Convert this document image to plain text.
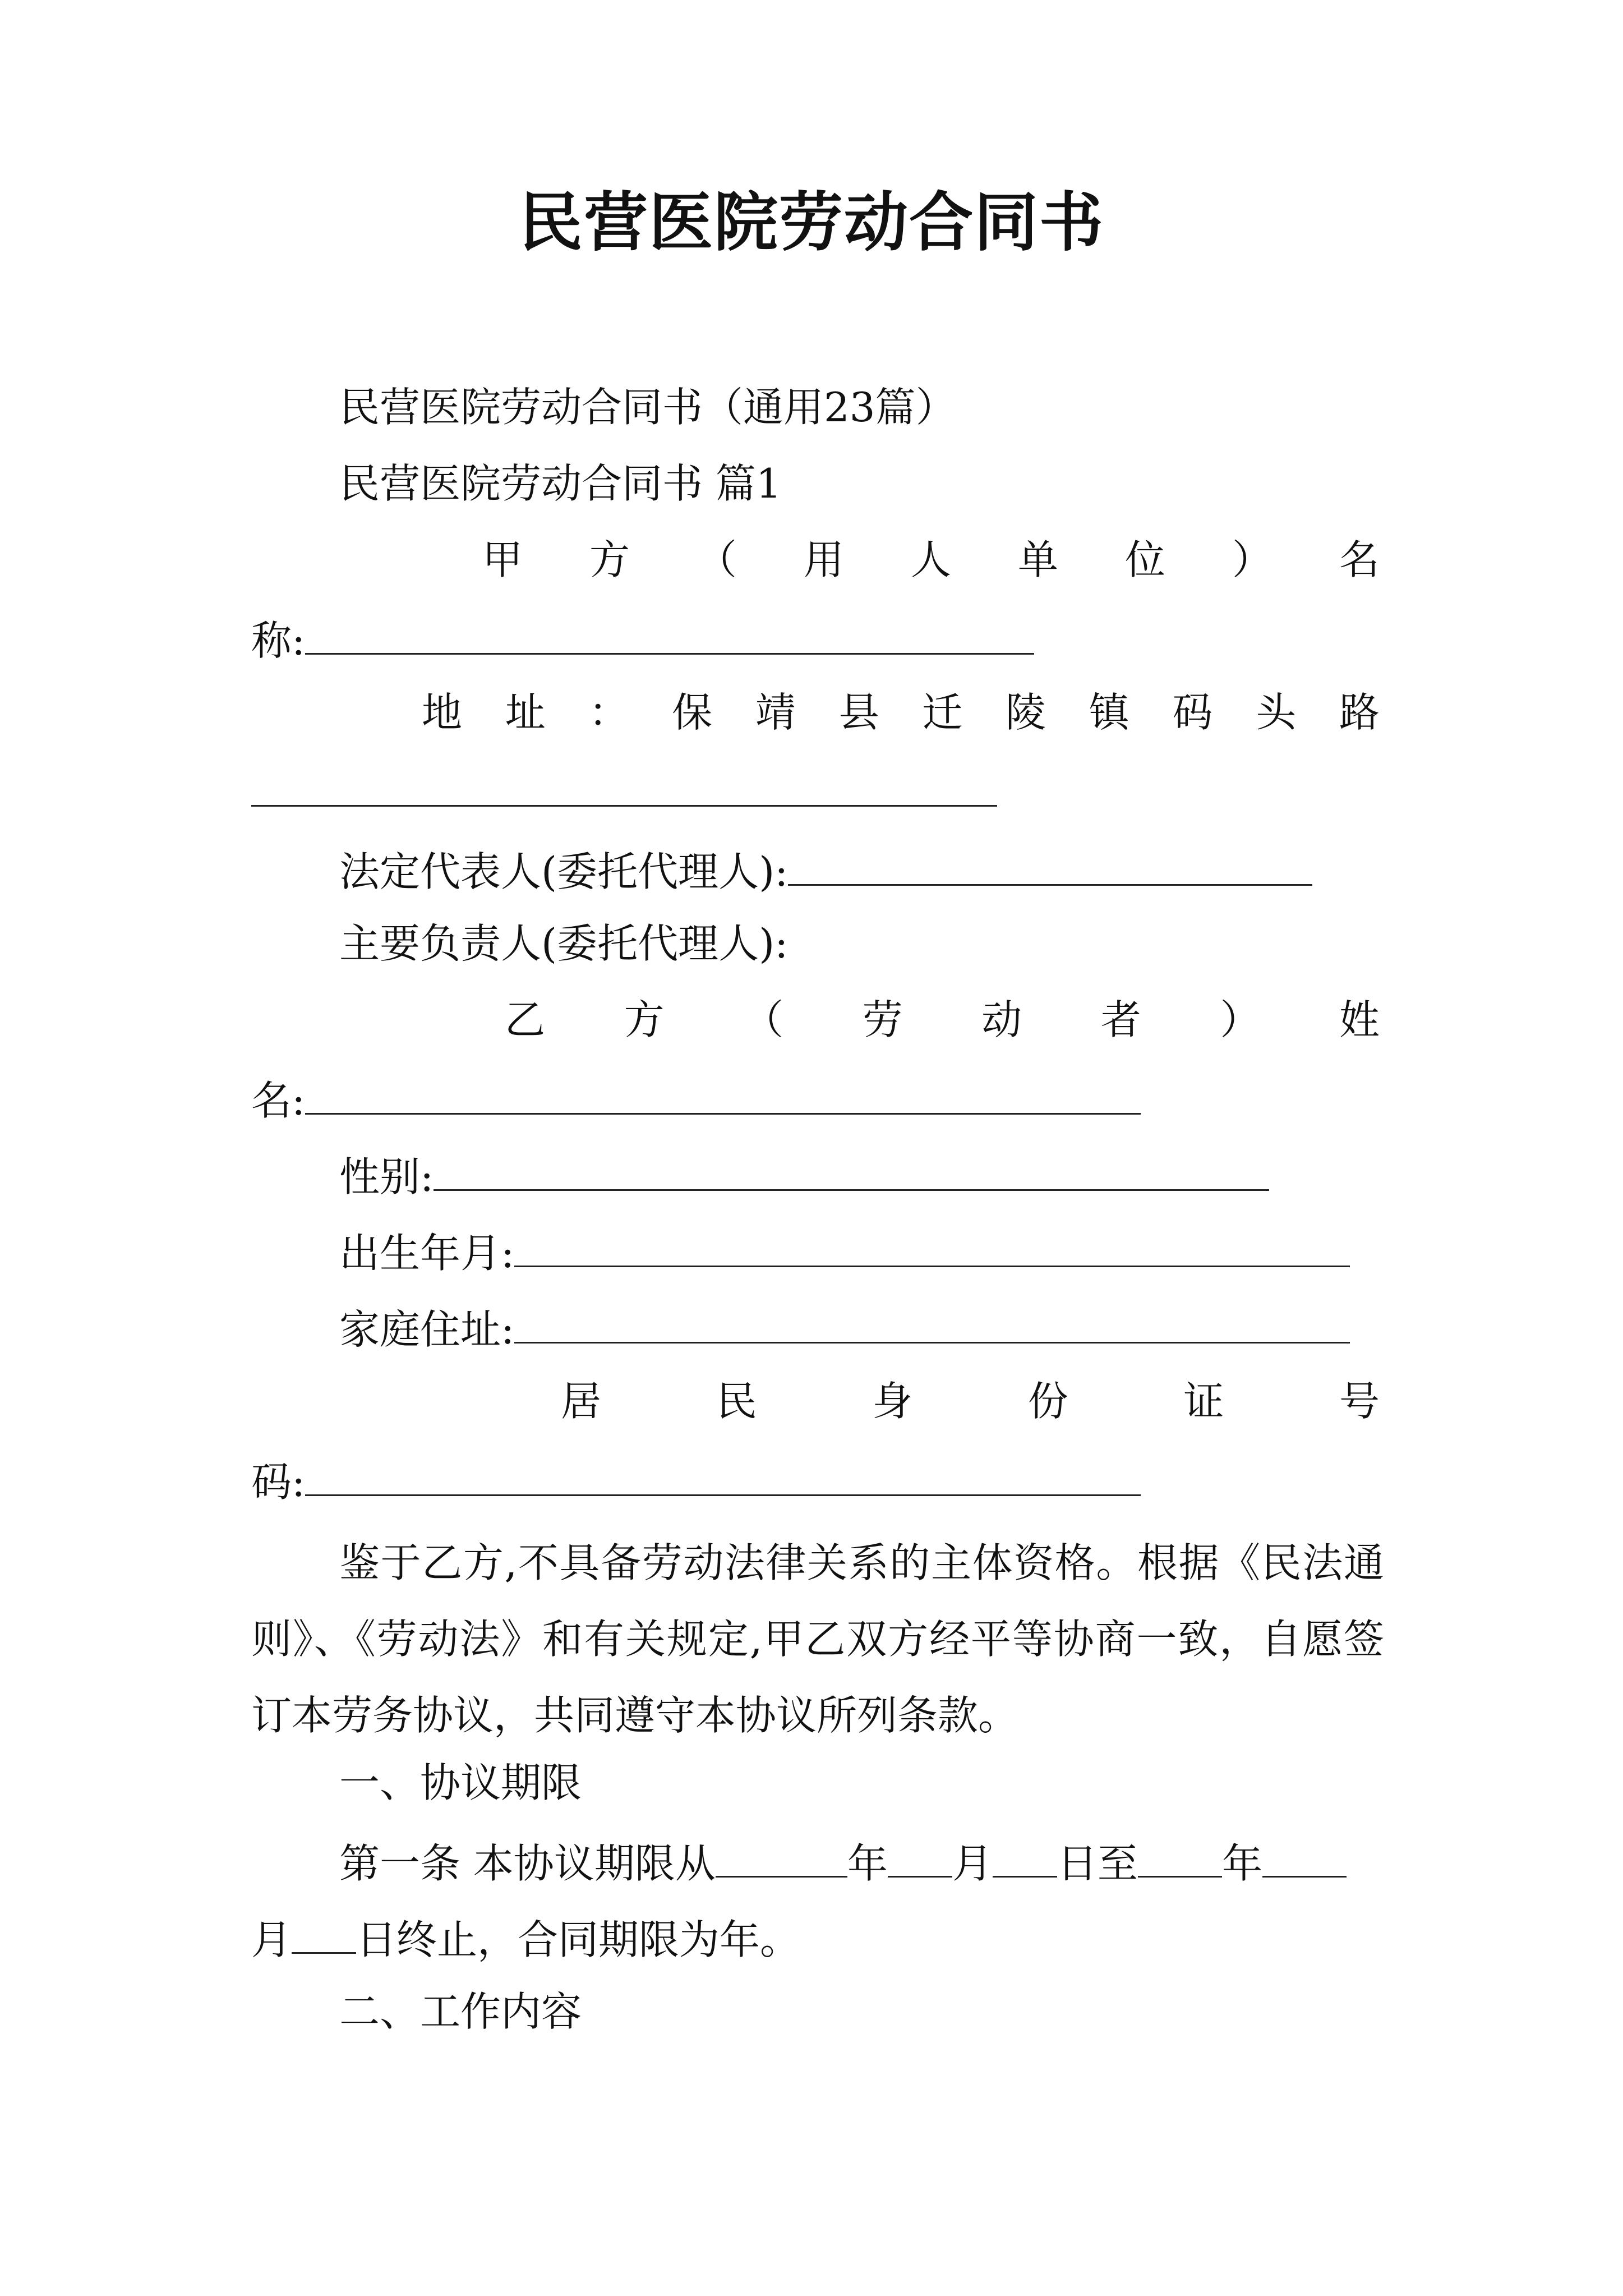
民营医院劳动合同书
民营医院劳动合同书（通用23篇）
民营医院劳动合同书 篇1
甲 方 （ 用 人 单 位 ） 名
称:
地 址 ： 保 靖 县 迁 陵 镇 码 头 路
法定代表人(委托代理人):
主要负责人(委托代理人):
乙 方 （ 劳 动 者 ） 姓
名:
性别:
出生年月:
家庭住址:
居	民	身	份	证	号
码:
鉴于乙方,不具备劳动法律关系的主体资格。根据《民法通则》、《劳动法》和有关规定,甲乙双方经平等协商一致，自愿签订本劳务协议，共同遵守本协议所列条款。
一、协议期限
第一条 本协议期限从	年 月 日至 年
月 日终止，合同期限为年。
二、工作内容
